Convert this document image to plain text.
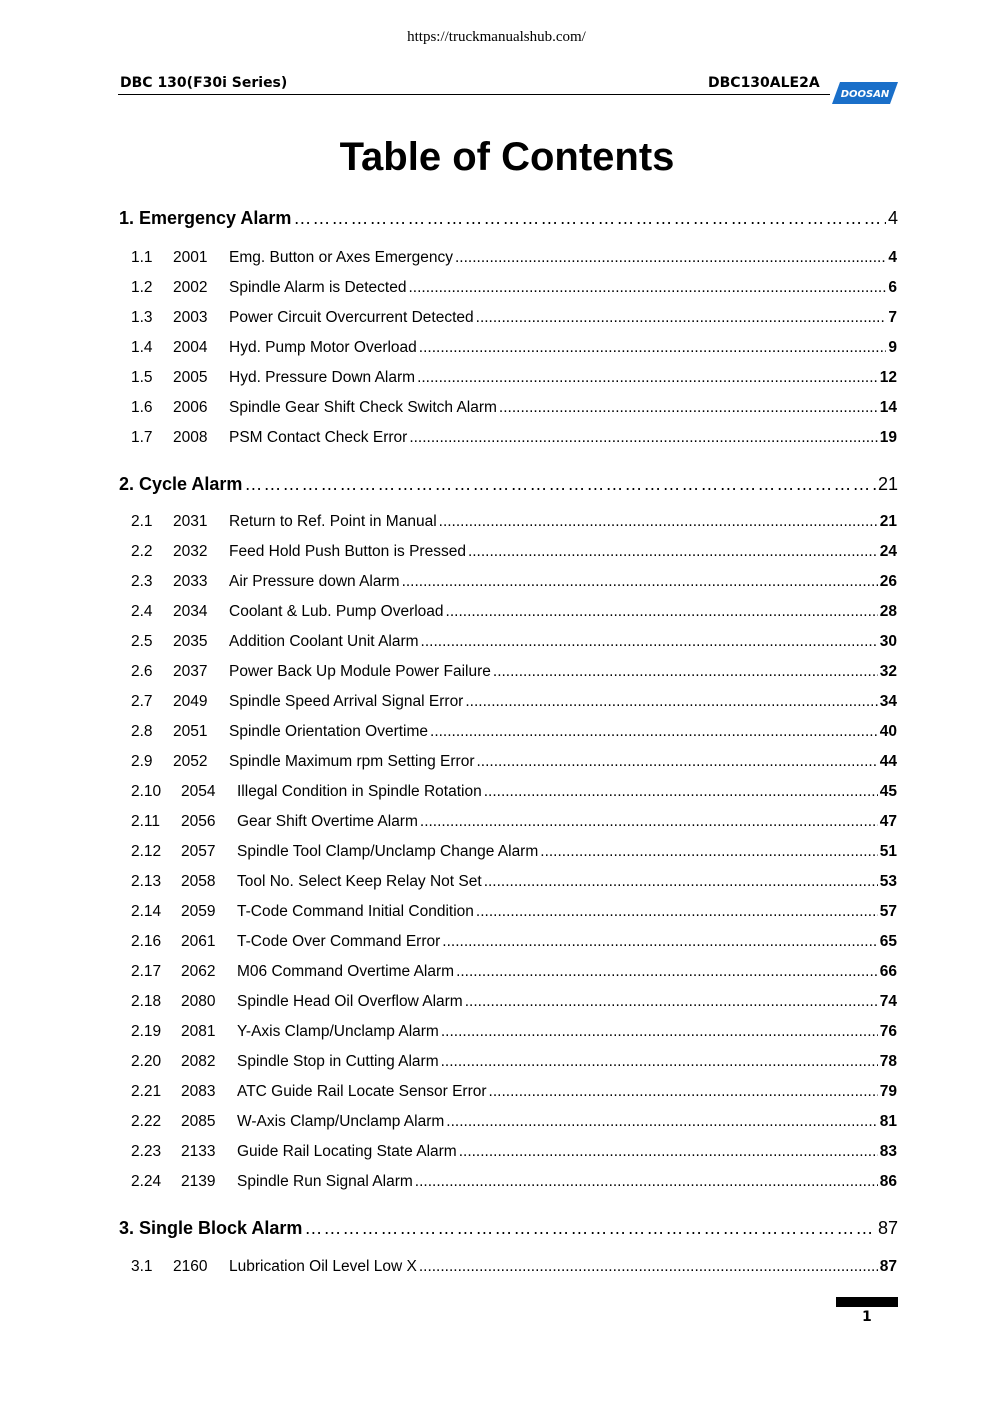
https://truckmanualshub.com/
DBC 130(F30i Series)	DBC130ALE2A
DOOSAN
Table of Contents
1. Emergency Alarm ……………………………………………………………………………………………………………………………………………………………………………………………	4
1.1	2001	Emg. Button or Axes Emergency .....	4
1.2	2002	Spindle Alarm is Detected .....	6
1.3	2003	Power Circuit Overcurrent Detected .....	7
1.4	2004	Hyd. Pump Motor Overload .....	9
1.5	2005	Hyd. Pressure Down Alarm .....	12
1.6	2006	Spindle Gear Shift Check Switch Alarm .....	14
1.7	2008	PSM Contact Check Error .....	19
2. Cycle Alarm ……………………………………………………………………………………………………………………………………………………………………………………………	21
2.1	2031	Return to Ref. Point in Manual .....	21
2.2	2032	Feed Hold Push Button is Pressed .....	24
2.3	2033	Air Pressure down Alarm .....	26
2.4	2034	Coolant & Lub. Pump Overload .....	28
2.5	2035	Addition Coolant Unit Alarm .....	30
2.6	2037	Power Back Up Module Power Failure .....	32
2.7	2049	Spindle Speed Arrival Signal Error .....	34
2.8	2051	Spindle Orientation Overtime .....	40
2.9	2052	Spindle Maximum rpm Setting Error .....	44
2.10	2054	Illegal Condition in Spindle Rotation .....	45
2.11	2056	Gear Shift Overtime Alarm .....	47
2.12	2057	Spindle Tool Clamp/Unclamp Change Alarm .....	51
2.13	2058	Tool No. Select Keep Relay Not Set .....	53
2.14	2059	T-Code Command Initial Condition .....	57
2.16	2061	T-Code Over Command Error .....	65
2.17	2062	M06 Command Overtime Alarm .....	66
2.18	2080	Spindle Head Oil Overflow Alarm .....	74
2.19	2081	Y-Axis Clamp/Unclamp Alarm .....	76
2.20	2082	Spindle Stop in Cutting Alarm .....	78
2.21	2083	ATC Guide Rail Locate Sensor Error .....	79
2.22	2085	W-Axis Clamp/Unclamp Alarm .....	81
2.23	2133	Guide Rail Locating State Alarm .....	83
2.24	2139	Spindle Run Signal Alarm .....	86
3. Single Block Alarm ……………………………………………………………………………………………………………………………………………………………………………………………	87
3.1	2160	Lubrication Oil Level Low X .....	87
1
